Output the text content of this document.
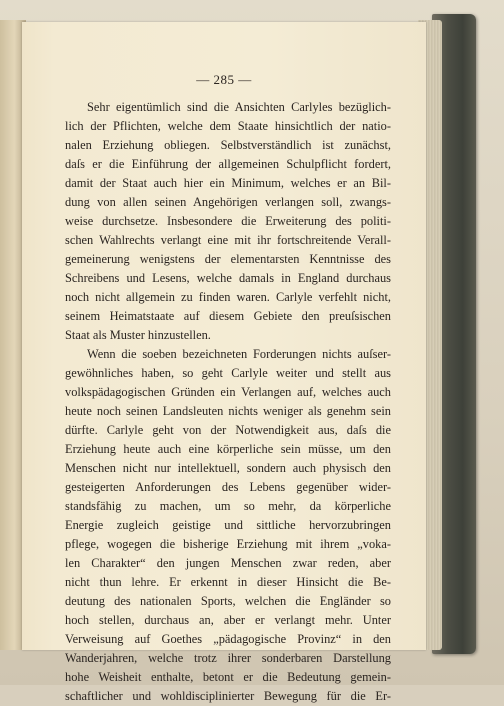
— 285 —
Sehr eigentümlich sind die Ansichten Carlyles bezüglich-
lich der Pflichten, welche dem Staate hinsichtlich der natio-
nalen Erziehung obliegen. Selbstverständlich ist zunächst,
daſs er die Einführung der allgemeinen Schulpflicht fordert,
damit der Staat auch hier ein Minimum, welches er an Bil-
dung von allen seinen Angehörigen verlangen soll, zwangs-
weise durchsetze. Insbesondere die Erweiterung des politi-
schen Wahlrechts verlangt eine mit ihr fortschreitende Verall-
gemeinerung wenigstens der elementarsten Kenntnisse des
Schreibens und Lesens, welche damals in England durchaus
noch nicht allgemein zu finden waren. Carlyle verfehlt nicht,
seinem Heimatstaate auf diesem Gebiete den preuſsischen
Staat als Muster hinzustellen.
Wenn die soeben bezeichneten Forderungen nichts auſser-
gewöhnliches haben, so geht Carlyle weiter und stellt aus
volkspädagogischen Gründen ein Verlangen auf, welches auch
heute noch seinen Landsleuten nichts weniger als genehm sein
dürfte. Carlyle geht von der Notwendigkeit aus, daſs die
Erziehung heute auch eine körperliche sein müsse, um den
Menschen nicht nur intellektuell, sondern auch physisch den
gesteigerten Anforderungen des Lebens gegenüber wider-
standsfähig zu machen, um so mehr, da körperliche
Energie zugleich geistige und sittliche hervorzubringen
pflege, wogegen die bisherige Erziehung mit ihrem „voka-
len Charakter“ den jungen Menschen zwar reden, aber
nicht thun lehre. Er erkennt in dieser Hinsicht die Be-
deutung des nationalen Sports, welchen die Engländer so
hoch stellen, durchaus an, aber er verlangt mehr. Unter
Verweisung auf Goethes „pädagogische Provinz“ in den
Wanderjahren, welche trotz ihrer sonderbaren Darstellung
hohe Weisheit enthalte, betont er die Bedeutung gemein-
schaftlicher und wohldisciplinierter Bewegung für die Er-
